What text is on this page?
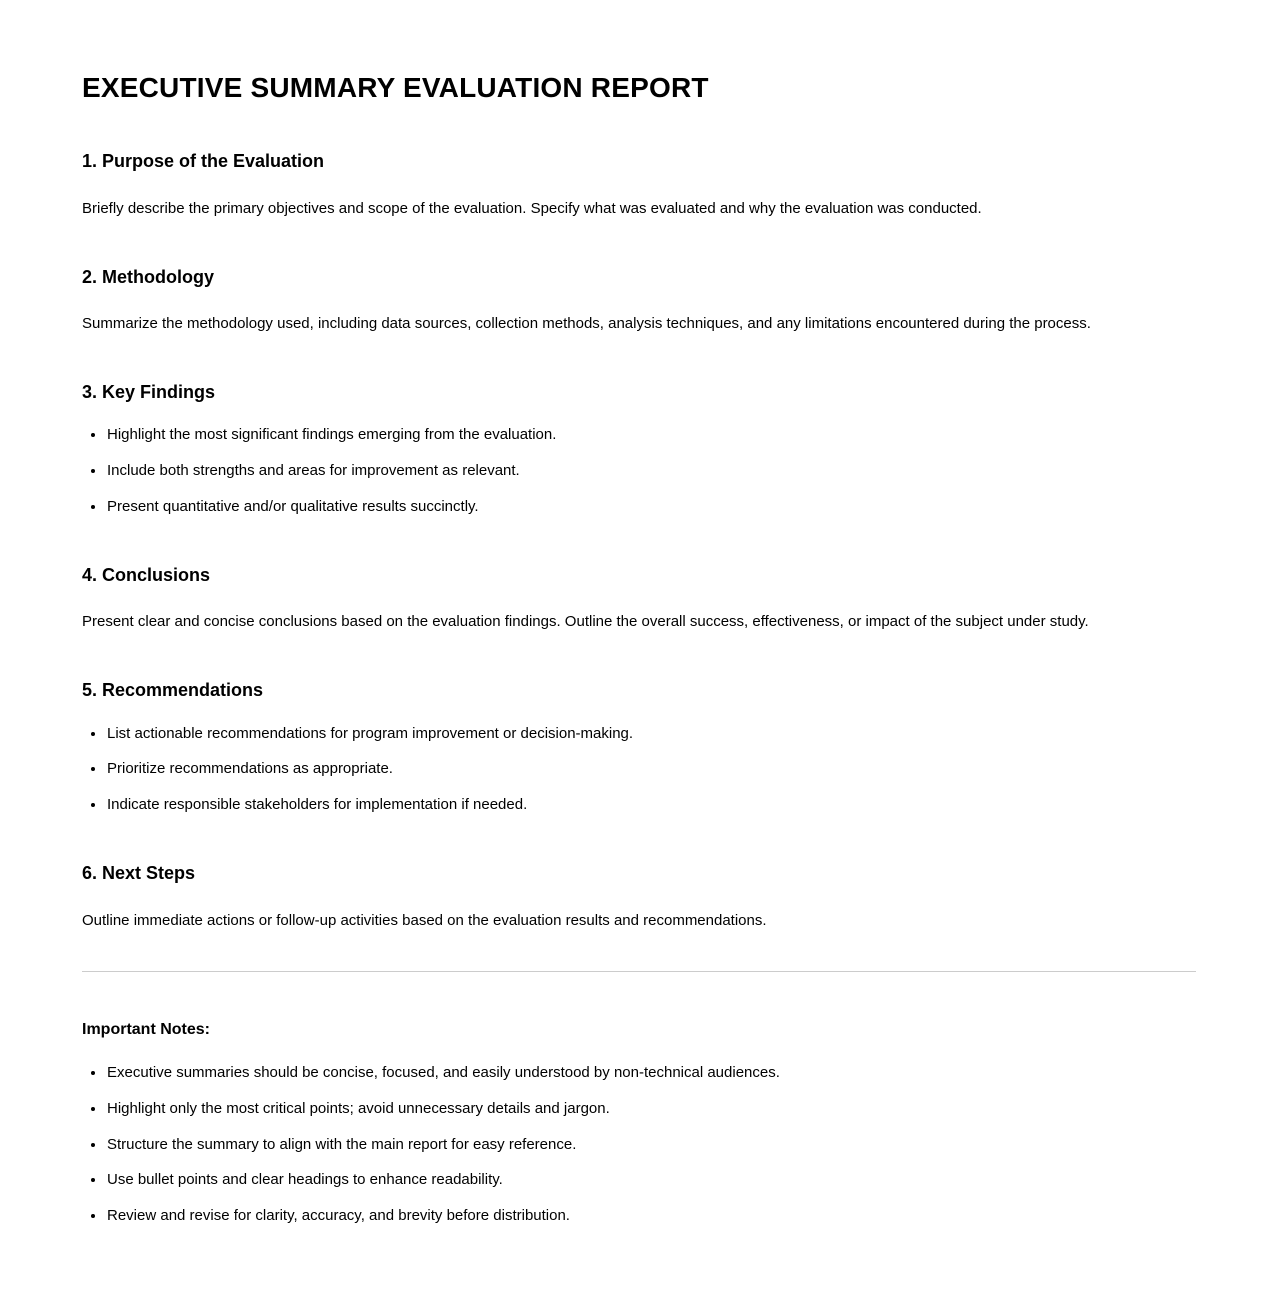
EXECUTIVE SUMMARY EVALUATION REPORT
1. Purpose of the Evaluation

Briefly describe the primary objectives and scope of the evaluation. Specify what was evaluated and why the evaluation was conducted.

2. Methodology

Summarize the methodology used, including data sources, collection methods, analysis techniques, and any limitations encountered during the process.

3. Key Findings
• Highlight the most significant findings emerging from the evaluation.
• Include both strengths and areas for improvement as relevant.
• Present quantitative and/or qualitative results succinctly.
4. Conclusions

Present clear and concise conclusions based on the evaluation findings. Outline the overall success, effectiveness, or impact of the subject under study.

5. Recommendations
• List actionable recommendations for program improvement or decision-making.
• Prioritize recommendations as appropriate.
• Indicate responsible stakeholders for implementation if needed.
6. Next Steps

Outline immediate actions or follow-up activities based on the evaluation results and recommendations.

Important Notes:

• Executive summaries should be concise, focused, and easily understood by non-technical audiences.
• Highlight only the most critical points; avoid unnecessary details and jargon.
• Structure the summary to align with the main report for easy reference.
• Use bullet points and clear headings to enhance readability.
• Review and revise for clarity, accuracy, and brevity before distribution.
